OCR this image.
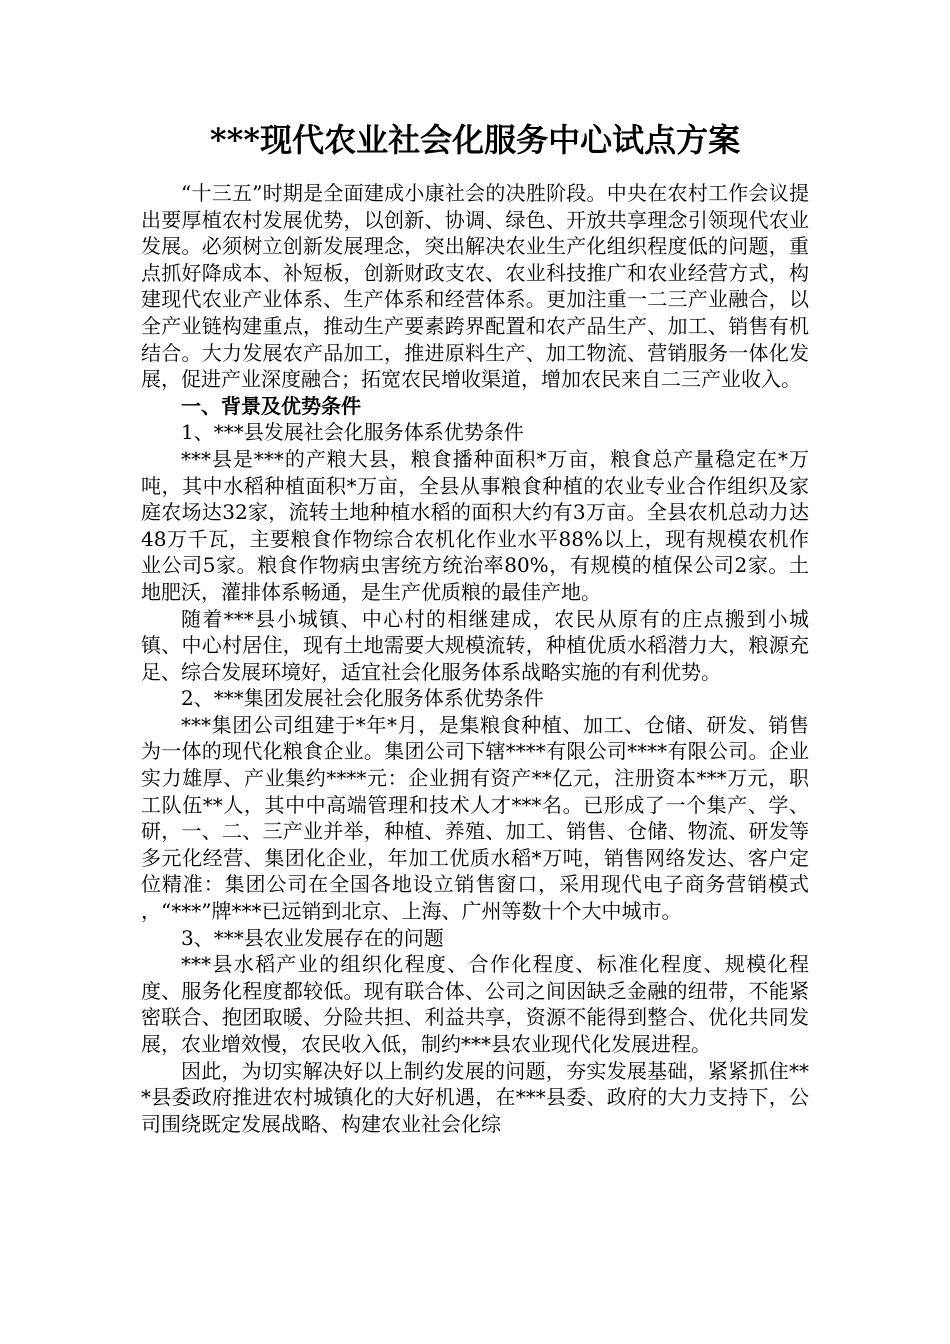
***现代农业社会化服务中心试点方案

“十三五”时期是全面建成小康社会的决胜阶段。中央在农村工作会议提出要厚植农村发展优势，以创新、协调、绿色、开放共享理念引领现代农业发展。必须树立创新发展理念，突出解决农业生产化组织程度低的问题，重点抓好降成本、补短板，创新财政支农、农业科技推广和农业经营方式，构建现代农业产业体系、生产体系和经营体系。更加注重一二三产业融合，以全产业链构建重点，推动生产要素跨界配置和农产品生产、加工、销售有机结合。大力发展农产品加工，推进原料生产、加工物流、营销服务一体化发展，促进产业深度融合；拓宽农民增收渠道，增加农民来自二三产业收入。

一、背景及优势条件

1、***县发展社会化服务体系优势条件

***县是***的产粮大县，粮食播种面积*万亩，粮食总产量稳定在*万吨，其中水稻种植面积*万亩，全县从事粮食种植的农业专业合作组织及家庭农场达32家，流转土地种植水稻的面积大约有3万亩。全县农机总动力达48万千瓦，主要粮食作物综合农机化作业水平88%以上，现有规模农机作业公司5家。粮食作物病虫害统方统治率80%，有规模的植保公司2家。土地肥沃，灌排体系畅通，是生产优质粮的最佳产地。

随着***县小城镇、中心村的相继建成，农民从原有的庄点搬到小城镇、中心村居住，现有土地需要大规模流转，种植优质水稻潜力大，粮源充足、综合发展环境好，适宜社会化服务体系战略实施的有利优势。

2、***集团发展社会化服务体系优势条件

***集团公司组建于*年*月，是集粮食种植、加工、仓储、研发、销售为一体的现代化粮食企业。集团公司下辖****有限公司****有限公司。企业实力雄厚、产业集约****元：企业拥有资产**亿元，注册资本***万元，职工队伍**人，其中中高端管理和技术人才***名。已形成了一个集产、学、研，一、二、三产业并举，种植、养殖、加工、销售、仓储、物流、研发等多元化经营、集团化企业，年加工优质水稻*万吨，销售网络发达、客户定位精准：集团公司在全国各地设立销售窗口，采用现代电子商务营销模式 ，“***”牌***已远销到北京、上海、广州等数十个大中城市。

3、***县农业发展存在的问题

***县水稻产业的组织化程度、合作化程度、标准化程度、规模化程度、服务化程度都较低。现有联合体、公司之间因缺乏金融的纽带，不能紧密联合、抱团取暖、分险共担、利益共享，资源不能得到整合、优化共同发展，农业增效慢，农民收入低，制约***县农业现代化发展进程。

因此，为切实解决好以上制约发展的问题，夯实发展基础，紧紧抓住***县委政府推进农村城镇化的大好机遇，在***县委、政府的大力支持下，公司围绕既定发展战略、构建农业社会化综
